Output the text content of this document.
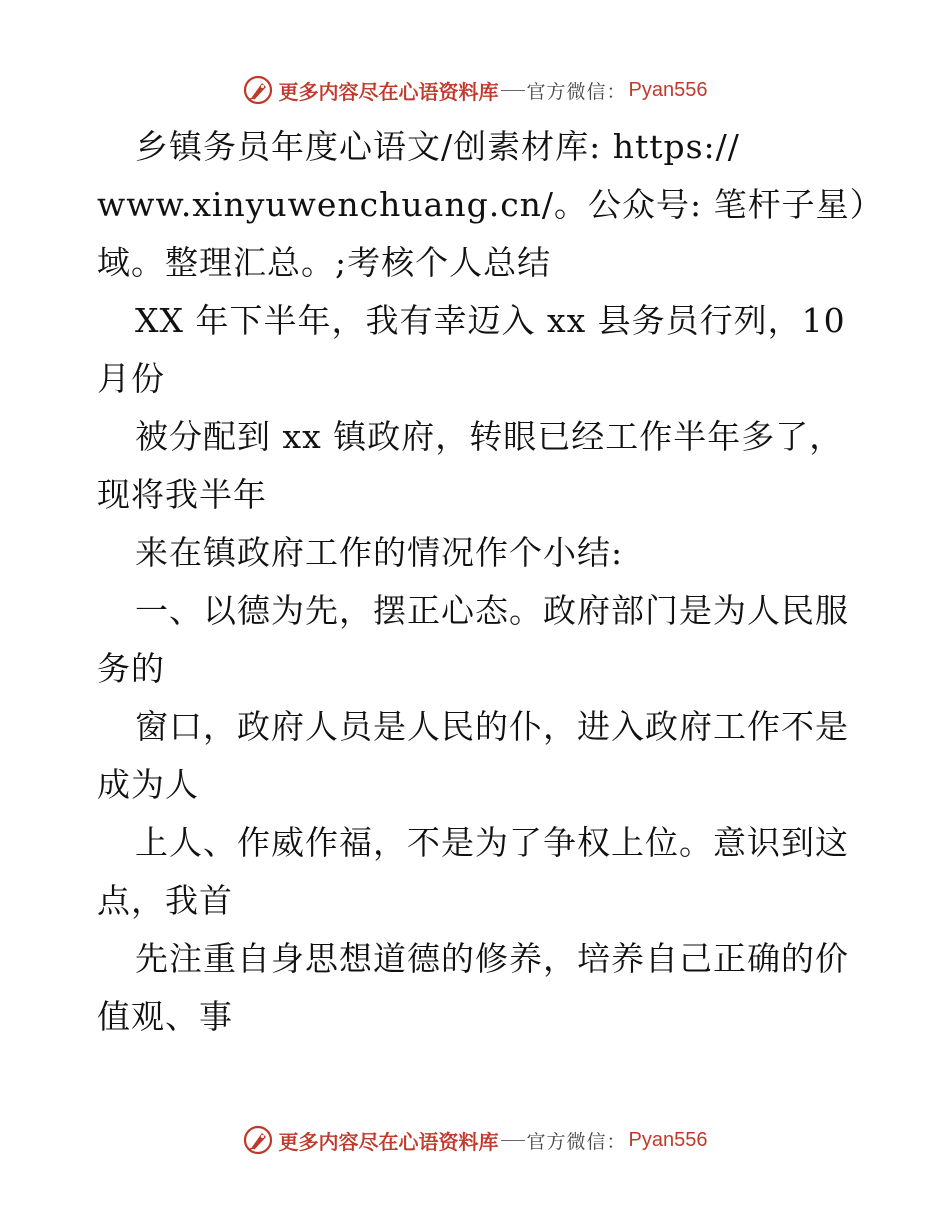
更多内容尽在心语资料库 官方微信： Pyan556
乡镇务员年度心语文/创素材库: https://
www.xinyuwenchuang.cn/。公众号: 笔杆子星）
域。整理汇总。;考核个人总结
XX 年下半年，我有幸迈入 xx 县务员行列，10
月份
被分配到 xx 镇政府，转眼已经工作半年多了，
现将我半年
来在镇政府工作的情况作个小结:
一、以德为先，摆正心态。政府部门是为人民服
务的
窗口，政府人员是人民的仆，进入政府工作不是
成为人
上人、作威作福，不是为了争权上位。意识到这
点，我首
先注重自身思想道德的修养，培养自己正确的价
值观、事
更多内容尽在心语资料库 官方微信： Pyan556
